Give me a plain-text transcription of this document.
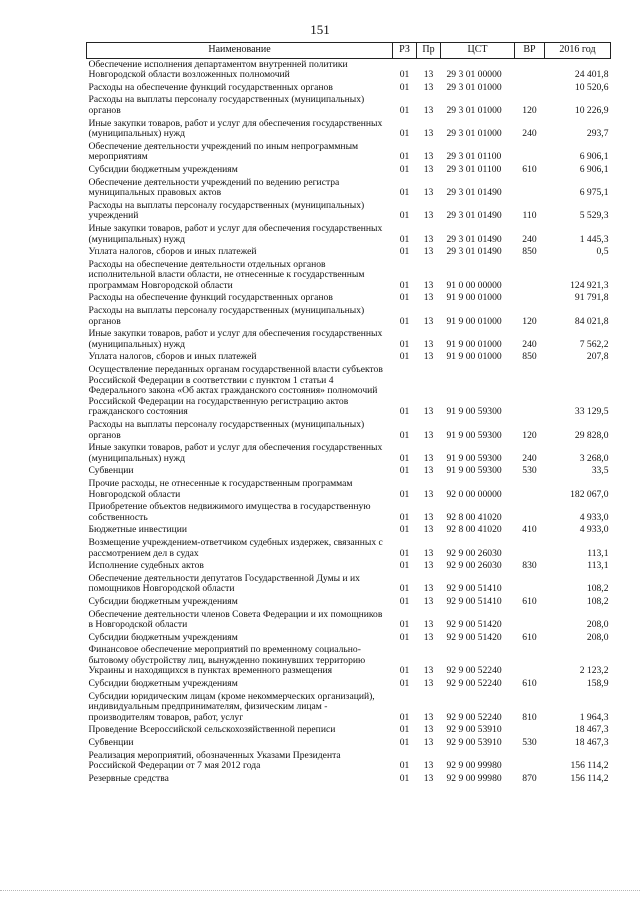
151
Наименование	РЗ	Пр	ЦСТ	ВР	2016 год
Обеспечение исполнения департаментом внутренней политики Новгородской области возложенных полномочий	01	13	29 3 01 00000		24 401,8
Расходы на обеспечение функций государственных органов	01	13	29 3 01 01000		10 520,6
Расходы на выплаты персоналу государственных (муниципальных) органов	01	13	29 3 01 01000	120	10 226,9
Иные закупки товаров, работ и услуг для обеспечения государственных (муниципальных) нужд	01	13	29 3 01 01000	240	293,7
Обеспечение деятельности учреждений по иным непрограммным мероприятиям	01	13	29 3 01 01100		6 906,1
Субсидии бюджетным учреждениям	01	13	29 3 01 01100	610	6 906,1
Обеспечение деятельности учреждений по ведению регистра муниципальных правовых актов	01	13	29 3 01 01490		6 975,1
Расходы на выплаты персоналу государственных (муниципальных) учреждений	01	13	29 3 01 01490	110	5 529,3
Иные закупки товаров, работ и услуг для обеспечения государственных (муниципальных) нужд	01	13	29 3 01 01490	240	1 445,3
Уплата налогов, сборов и иных платежей	01	13	29 3 01 01490	850	0,5
Расходы на обеспечение деятельности отдельных органов исполнительной власти области, не отнесенные к государственным программам Новгородской области	01	13	91 0 00 00000		124 921,3
Расходы на обеспечение функций государственных органов	01	13	91 9 00 01000		91 791,8
Расходы на выплаты персоналу государственных (муниципальных) органов	01	13	91 9 00 01000	120	84 021,8
Иные закупки товаров, работ и услуг для обеспечения государственных (муниципальных) нужд	01	13	91 9 00 01000	240	7 562,2
Уплата налогов, сборов и иных платежей	01	13	91 9 00 01000	850	207,8
Осуществление переданных органам государственной власти субъектов Российской Федерации в соответствии с пунктом 1 статьи 4 Федерального закона «Об актах гражданского состояния» полномочий Российской Федерации на государственную регистрацию актов гражданского состояния	01	13	91 9 00 59300		33 129,5
Расходы на выплаты персоналу государственных (муниципальных) органов	01	13	91 9 00 59300	120	29 828,0
Иные закупки товаров, работ и услуг для обеспечения государственных (муниципальных) нужд	01	13	91 9 00 59300	240	3 268,0
Субвенции	01	13	91 9 00 59300	530	33,5
Прочие расходы, не отнесенные к государственным программам Новгородской области	01	13	92 0 00 00000		182 067,0
Приобретение объектов недвижимого имущества в государственную собственность	01	13	92 8 00 41020		4 933,0
Бюджетные инвестиции	01	13	92 8 00 41020	410	4 933,0
Возмещение учреждением-ответчиком судебных издержек, связанных с рассмотрением дел в судах	01	13	92 9 00 26030		113,1
Исполнение судебных актов	01	13	92 9 00 26030	830	113,1
Обеспечение деятельности депутатов Государственной Думы и их помощников Новгородской области	01	13	92 9 00 51410		108,2
Субсидии бюджетным учреждениям	01	13	92 9 00 51410	610	108,2
Обеспечение деятельности членов Совета Федерации и их помощников в Новгородской области	01	13	92 9 00 51420		208,0
Субсидии бюджетным учреждениям	01	13	92 9 00 51420	610	208,0
Финансовое обеспечение мероприятий по временному социально-бытовому обустройству лиц, вынужденно покинувших территорию Украины и находящихся в пунктах временного размещения	01	13	92 9 00 52240		2 123,2
Субсидии бюджетным учреждениям	01	13	92 9 00 52240	610	158,9
Субсидии юридическим лицам (кроме некоммерческих организаций), индивидуальным предпринимателям, физическим лицам - производителям товаров, работ, услуг	01	13	92 9 00 52240	810	1 964,3
Проведение Всероссийской сельскохозяйственной переписи	01	13	92 9 00 53910		18 467,3
Субвенции	01	13	92 9 00 53910	530	18 467,3
Реализация мероприятий, обозначенных Указами Президента Российской Федерации от 7 мая 2012 года	01	13	92 9 00 99980		156 114,2
Резервные средства	01	13	92 9 00 99980	870	156 114,2
